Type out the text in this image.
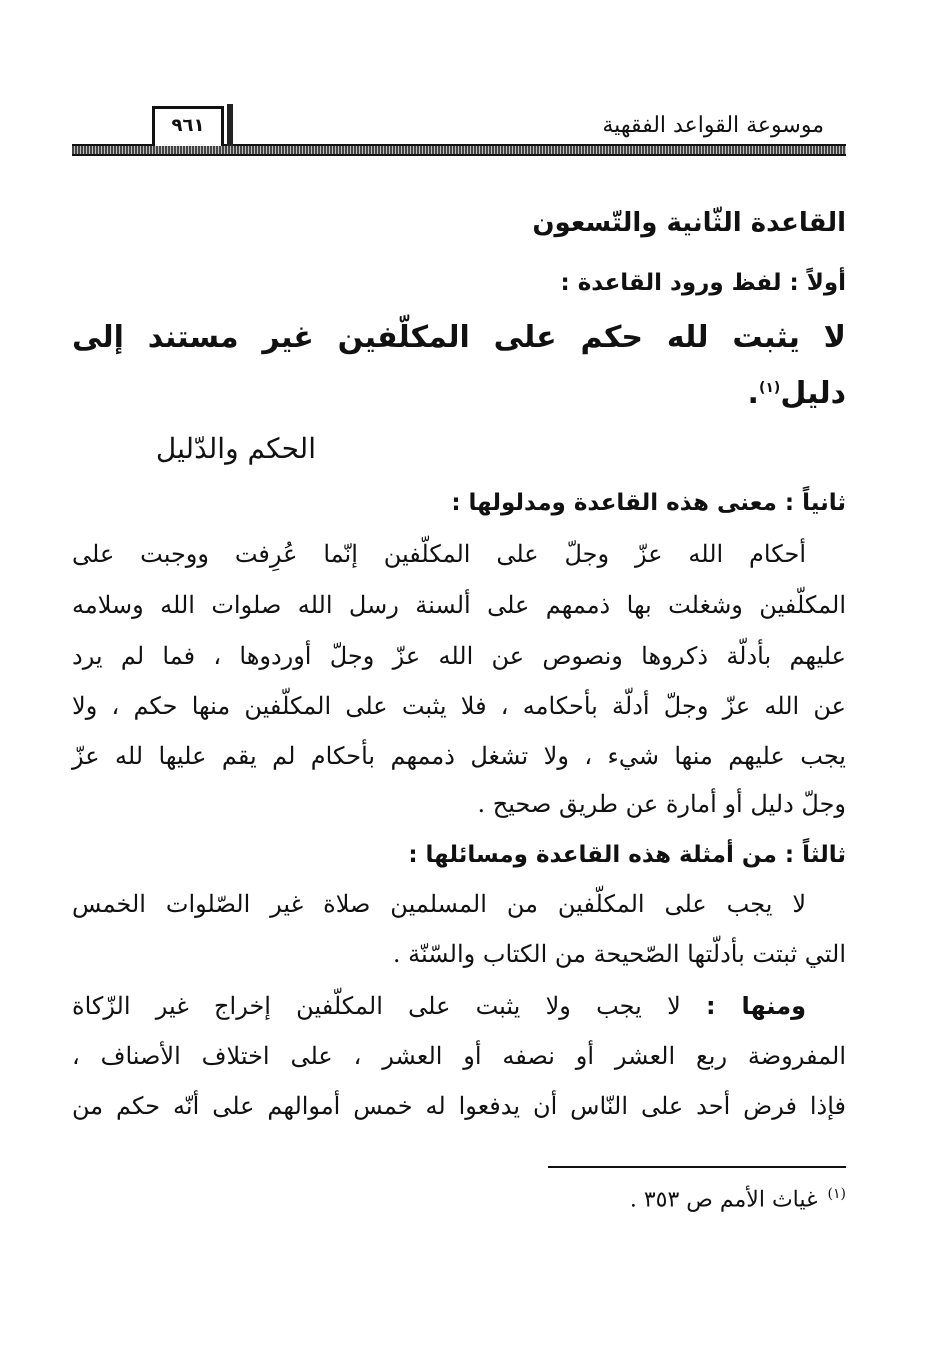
موسوعة القواعد الفقهية
٩٦١
القاعدة الثّانية والتّسعون
أولاً : لفظ ورود القاعدة :
لا يثبت لله حكم على المكلّفين غير مستند إلى
دليل$^{(١)}$.
الحكم والدّليل
ثانياً : معنى هذه القاعدة ومدلولها :
أحكام الله عزّ وجلّ على المكلّفين إنّما عُرِفت ووجبت على
المكلّفين وشغلت بها ذممهم على ألسنة رسل الله صلوات الله وسلامه
عليهم بأدلّة ذكروها ونصوص عن الله عزّ وجلّ أوردوها ، فما لم يرد
عن الله عزّ وجلّ أدلّة بأحكامه ، فلا يثبت على المكلّفين منها حكم ، ولا
يجب عليهم منها شيء ، ولا تشغل ذممهم بأحكام لم يقم عليها لله عزّ
وجلّ دليل أو أمارة عن طريق صحيح .
ثالثاً : من أمثلة هذه القاعدة ومسائلها :
لا يجب على المكلّفين من المسلمين صلاة غير الصّلوات الخمس
التي ثبتت بأدلّتها الصّحيحة من الكتاب والسّنّة .
ومنها : لا يجب ولا يثبت على المكلّفين إخراج غير الزّكاة
المفروضة ربع العشر أو نصفه أو العشر ، على اختلاف الأصناف ،
فإذا فرض أحد على النّاس أن يدفعوا له خمس أموالهم على أنّه حكم من
$^{(١)}$غياث الأمم ص ٣٥٣ .
